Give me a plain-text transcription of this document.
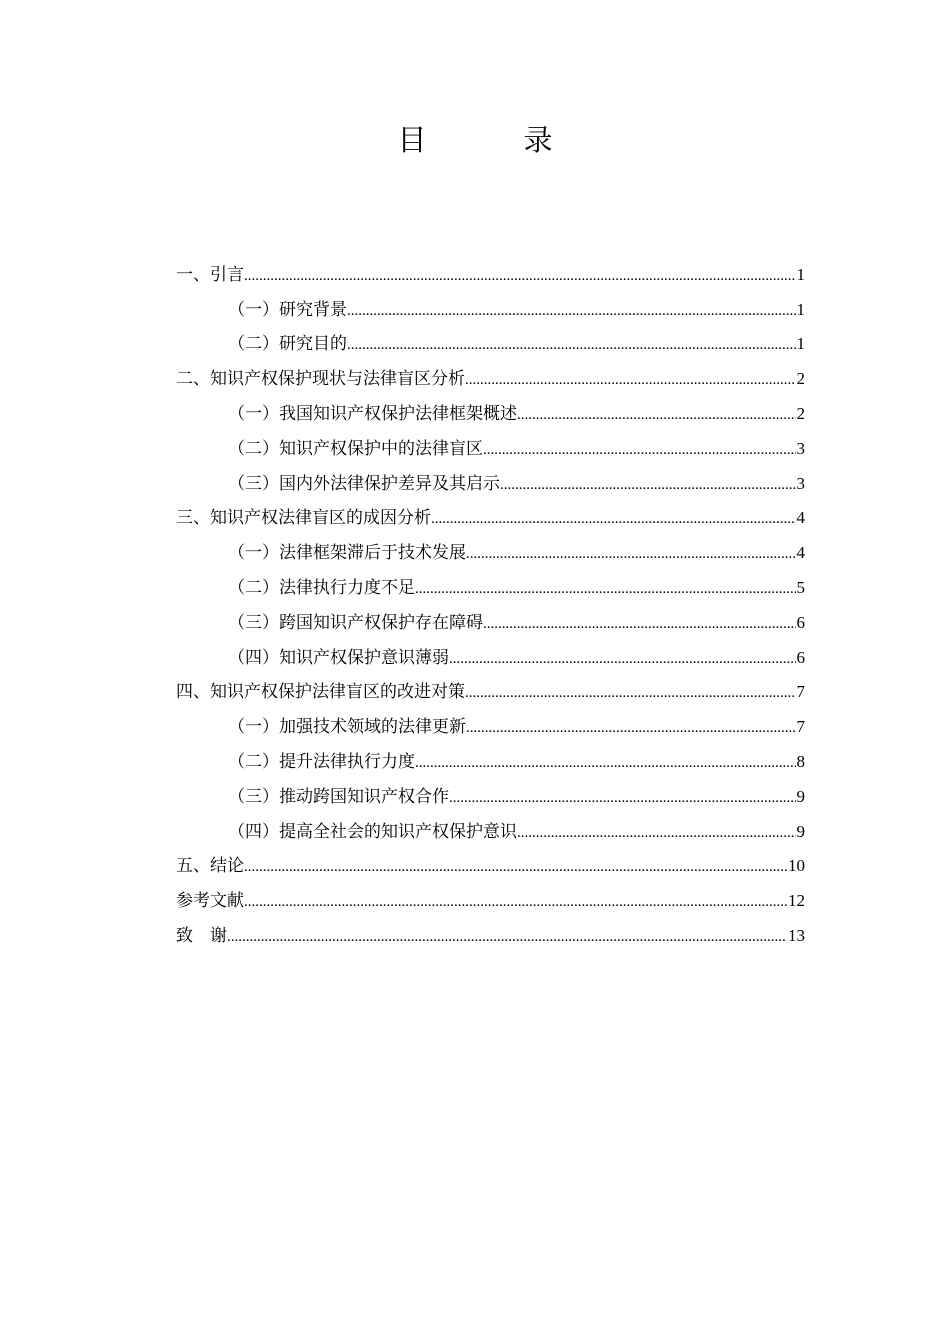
目　录
一、引言 .....	1
（一）研究背景 .....	1
（二）研究目的 .....	1
二、知识产权保护现状与法律盲区分析 .....	2
（一）我国知识产权保护法律框架概述 .....	2
（二）知识产权保护中的法律盲区 .....	3
（三）国内外法律保护差异及其启示 .....	3
三、知识产权法律盲区的成因分析 .....	4
（一）法律框架滞后于技术发展 .....	4
（二）法律执行力度不足 .....	5
（三）跨国知识产权保护存在障碍 .....	6
（四）知识产权保护意识薄弱 .....	6
四、知识产权保护法律盲区的改进对策 .....	7
（一）加强技术领域的法律更新 .....	7
（二）提升法律执行力度 .....	8
（三）推动跨国知识产权合作 .....	9
（四）提高全社会的知识产权保护意识 .....	9
五、结论 .....	10
参考文献 .....	12
致　谢 .....	13
